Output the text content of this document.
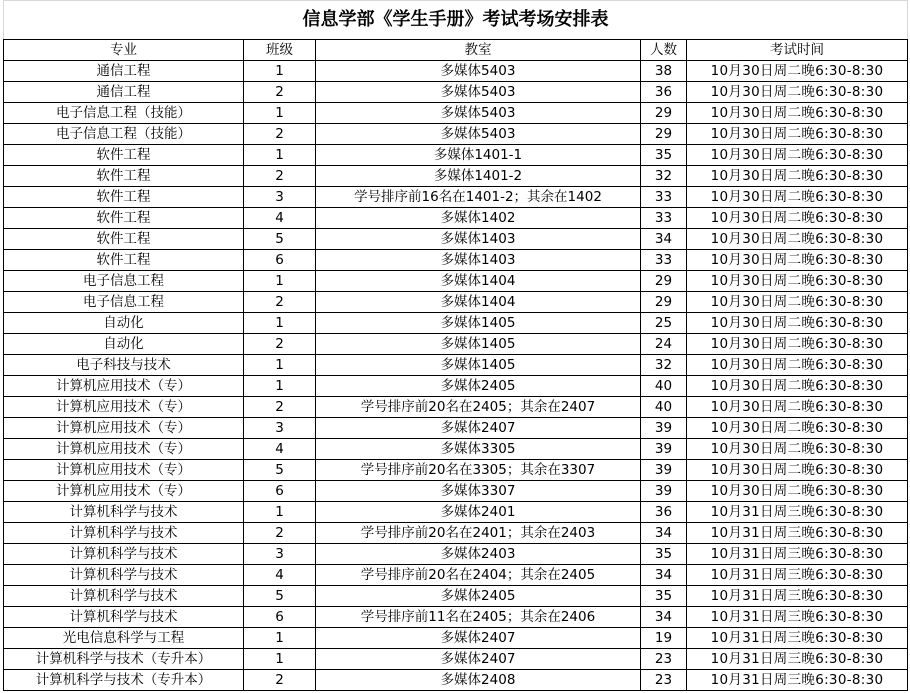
信息学部《学生手册》考试考场安排表				
专业	班级	教室	人数	考试时间
通信工程	1	多媒体5403	38	10月30日周二晚6:30-8:30
通信工程	2	多媒体5403	36	10月30日周二晚6:30-8:30
电子信息工程（技能）	1	多媒体5403	29	10月30日周二晚6:30-8:30
电子信息工程（技能）	2	多媒体5403	29	10月30日周二晚6:30-8:30
软件工程	1	多媒体1401-1	35	10月30日周二晚6:30-8:30
软件工程	2	多媒体1401-2	32	10月30日周二晚6:30-8:30
软件工程	3	学号排序前16名在1401-2；其余在1402	33	10月30日周二晚6:30-8:30
软件工程	4	多媒体1402	33	10月30日周二晚6:30-8:30
软件工程	5	多媒体1403	34	10月30日周二晚6:30-8:30
软件工程	6	多媒体1403	33	10月30日周二晚6:30-8:30
电子信息工程	1	多媒体1404	29	10月30日周二晚6:30-8:30
电子信息工程	2	多媒体1404	29	10月30日周二晚6:30-8:30
自动化	1	多媒体1405	25	10月30日周二晚6:30-8:30
自动化	2	多媒体1405	24	10月30日周二晚6:30-8:30
电子科技与技术	1	多媒体1405	32	10月30日周二晚6:30-8:30
计算机应用技术（专）	1	多媒体2405	40	10月30日周二晚6:30-8:30
计算机应用技术（专）	2	学号排序前20名在2405；其余在2407	40	10月30日周二晚6:30-8:30
计算机应用技术（专）	3	多媒体2407	39	10月30日周二晚6:30-8:30
计算机应用技术（专）	4	多媒体3305	39	10月30日周二晚6:30-8:30
计算机应用技术（专）	5	学号排序前20名在3305；其余在3307	39	10月30日周二晚6:30-8:30
计算机应用技术（专）	6	多媒体3307	39	10月30日周二晚6:30-8:30
计算机科学与技术	1	多媒体2401	36	10月31日周三晚6:30-8:30
计算机科学与技术	2	学号排序前20名在2401；其余在2403	34	10月31日周三晚6:30-8:30
计算机科学与技术	3	多媒体2403	35	10月31日周三晚6:30-8:30
计算机科学与技术	4	学号排序前20名在2404；其余在2405	34	10月31日周三晚6:30-8:30
计算机科学与技术	5	多媒体2405	35	10月31日周三晚6:30-8:30
计算机科学与技术	6	学号排序前11名在2405；其余在2406	34	10月31日周三晚6:30-8:30
光电信息科学与工程	1	多媒体2407	19	10月31日周三晚6:30-8:30
计算机科学与技术（专升本）	1	多媒体2407	23	10月31日周三晚6:30-8:30
计算机科学与技术（专升本）	2	多媒体2408	23	10月31日周三晚6:30-8:30
